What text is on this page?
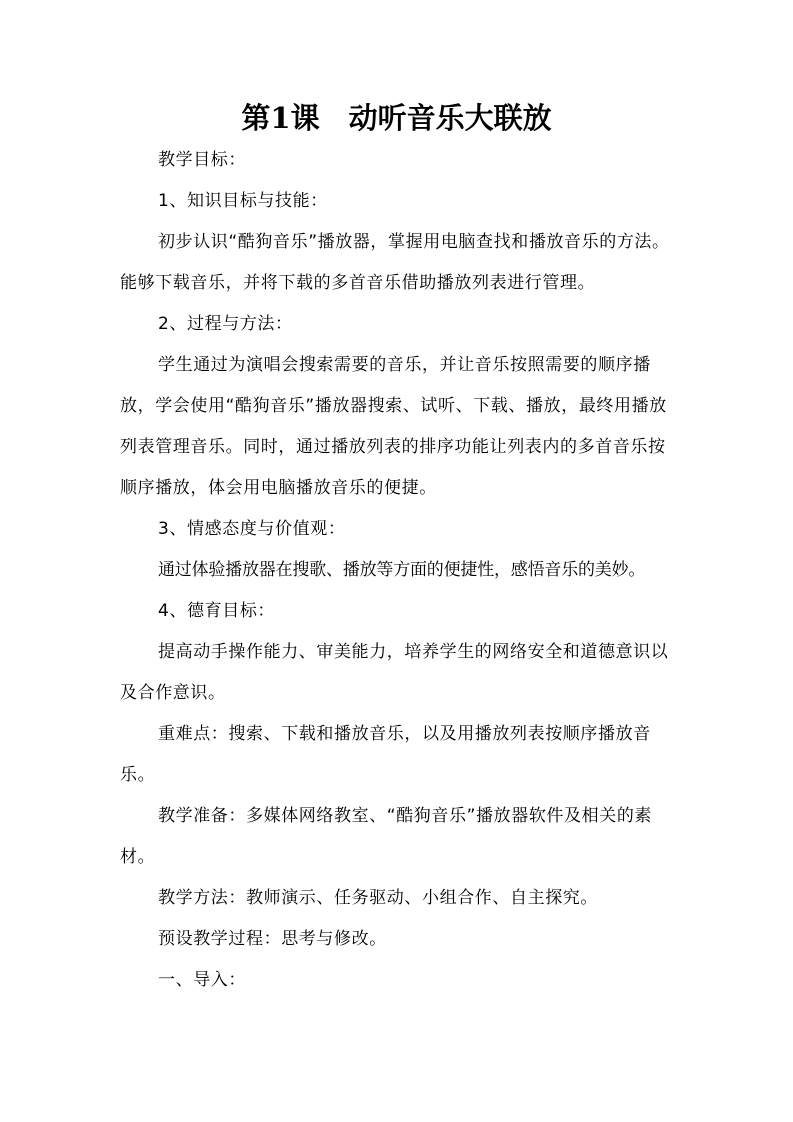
第1课　动听音乐大联放

教学目标：

1、知识目标与技能：

初步认识“酷狗音乐”播放器，掌握用电脑查找和播放音乐的方法。能够下载音乐，并将下载的多首音乐借助播放列表进行管理。

2、过程与方法：

学生通过为演唱会搜索需要的音乐，并让音乐按照需要的顺序播放，学会使用“酷狗音乐”播放器搜索、试听、下载、播放，最终用播放列表管理音乐。同时，通过播放列表的排序功能让列表内的多首音乐按顺序播放，体会用电脑播放音乐的便捷。

3、情感态度与价值观：

通过体验播放器在搜歌、播放等方面的便捷性，感悟音乐的美妙。

4、德育目标：

提高动手操作能力、审美能力，培养学生的网络安全和道德意识以及合作意识。

重难点：搜索、下载和播放音乐，以及用播放列表按顺序播放音乐。

教学准备：多媒体网络教室、“酷狗音乐”播放器软件及相关的素材。

教学方法：教师演示、任务驱动、小组合作、自主探究。

预设教学过程：思考与修改。

一、导入：
